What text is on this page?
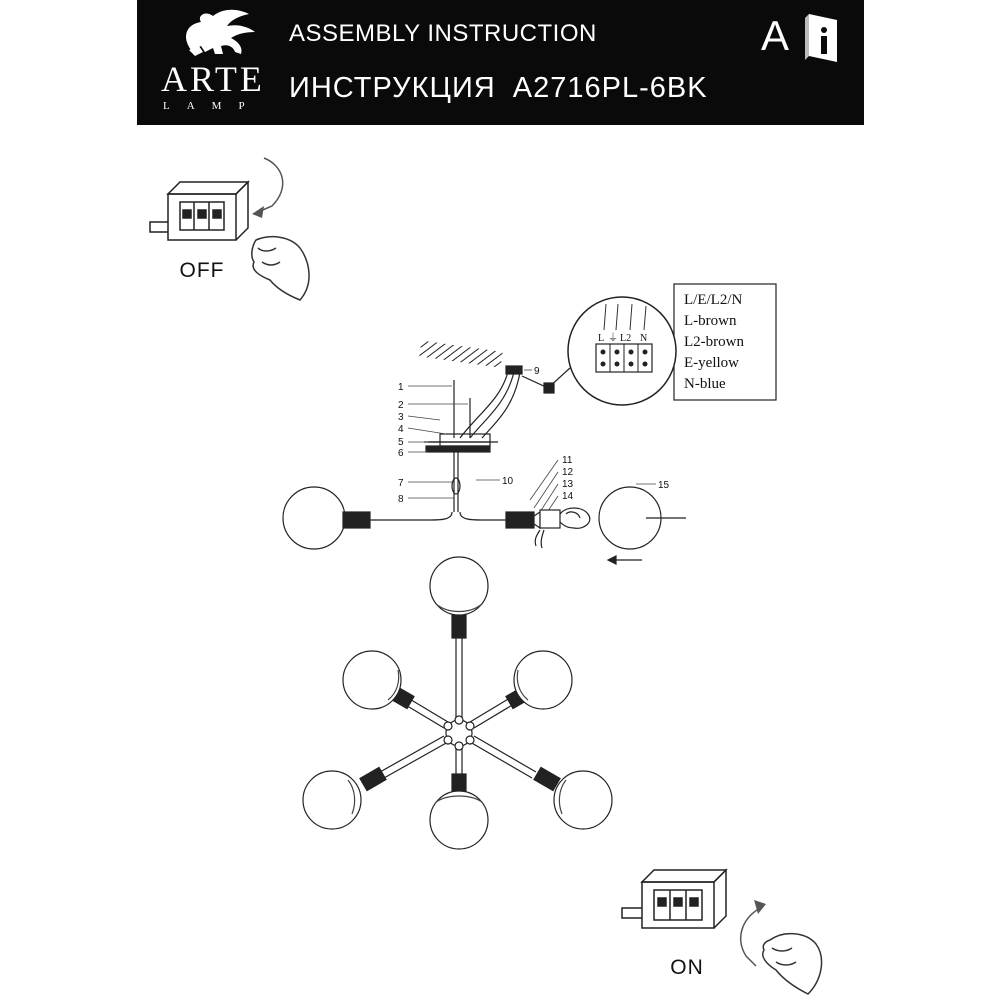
ARTE
LAMP
ASSEMBLY INSTRUCTION
ИНСТРУКЦИЯ A2716PL-6BK
A
OFF
L/E/L2/N
L-brown
L2-brown
E-yellow
N-blue
L ⏚ L2 N
1
2
3
4
5
6
7
8
9
10
11
12
13
14
15
ON
